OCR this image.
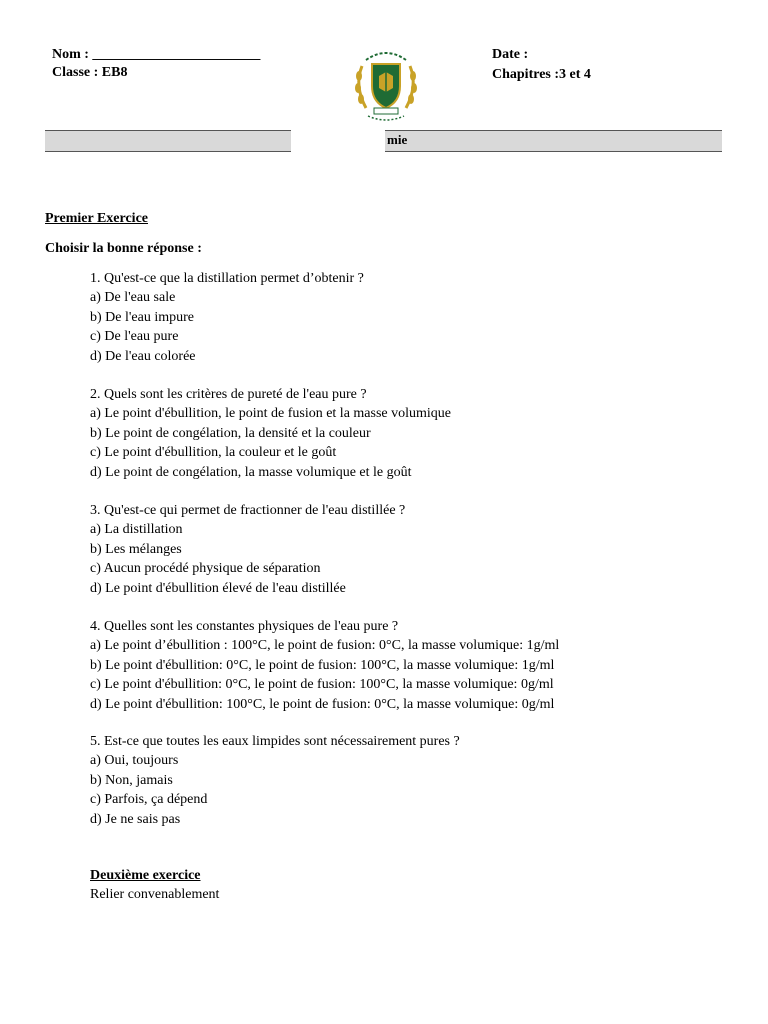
Nom : ________________________
Classe : EB8
Date :
Chapitres :3 et 4
mie
Premier Exercice
Choisir la bonne réponse :
1. Qu'est-ce que la distillation permet d’obtenir ?
a) De l'eau sale
b) De l'eau impure
c) De l'eau pure
d) De l'eau colorée
2. Quels sont les critères de pureté de l'eau pure ?
a) Le point d'ébullition, le point de fusion et la masse volumique
b) Le point de congélation, la densité et la couleur
c) Le point d'ébullition, la couleur et le goût
d) Le point de congélation, la masse volumique et le goût
3. Qu'est-ce qui permet de fractionner de l'eau distillée ?
a) La distillation
b) Les mélanges
c) Aucun procédé physique de séparation
d) Le point d'ébullition élevé de l'eau distillée
4. Quelles sont les constantes physiques de l'eau pure ?
a) Le point d’ébullition : 100°C, le point de fusion: 0°C, la masse volumique: 1g/ml
b) Le point d'ébullition: 0°C, le point de fusion: 100°C, la masse volumique: 1g/ml
c) Le point d'ébullition: 0°C, le point de fusion: 100°C, la masse volumique: 0g/ml
d) Le point d'ébullition: 100°C, le point de fusion: 0°C, la masse volumique: 0g/ml
5. Est-ce que toutes les eaux limpides sont nécessairement pures ?
a) Oui, toujours
b) Non, jamais
c) Parfois, ça dépend
d) Je ne sais pas
Deuxième exercice
Relier convenablement
